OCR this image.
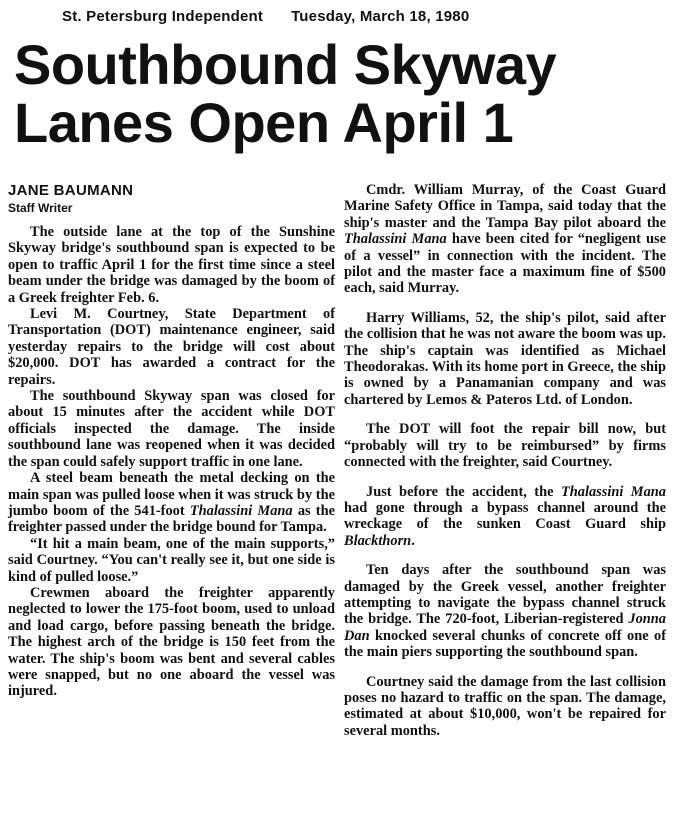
St. Petersburg Independent Tuesday, March 18, 1980
Southbound Skyway
Lanes Open April 1

JANE BAUMANN

Staff Writer

The outside lane at the top of the Sunshine Skyway bridge's southbound span is expected to be open to traffic April 1 for the first time since a steel beam under the bridge was damaged by the boom of a Greek freighter Feb. 6.

Levi M. Courtney, State Department of Transportation (DOT) maintenance engineer, said yesterday repairs to the bridge will cost about $20,000. DOT has awarded a contract for the repairs.

The southbound Skyway span was closed for about 15 minutes after the accident while DOT officials inspected the damage. The inside southbound lane was reopened when it was decided the span could safely support traffic in one lane.

A steel beam beneath the metal decking on the main span was pulled loose when it was struck by the jumbo boom of the 541-foot Thalassini Mana as the freighter passed under the bridge bound for Tampa.

“It hit a main beam, one of the main supports,” said Courtney. “You can't really see it, but one side is kind of pulled loose.”

Crewmen aboard the freighter apparently neglected to lower the 175-foot boom, used to unload and load cargo, before passing beneath the bridge. The highest arch of the bridge is 150 feet from the water. The ship's boom was bent and several cables were snapped, but no one aboard the vessel was injured.

Cmdr. William Murray, of the Coast Guard Marine Safety Office in Tampa, said today that the ship's master and the Tampa Bay pilot aboard the Thalassini Mana have been cited for “negligent use of a vessel” in connection with the incident. The pilot and the master face a maximum fine of $500 each, said Murray.

Harry Williams, 52, the ship's pilot, said after the collision that he was not aware the boom was up. The ship's captain was identified as Michael Theodorakas. With its home port in Greece, the ship is owned by a Panamanian company and was chartered by Lemos & Pateros Ltd. of London.

The DOT will foot the repair bill now, but “probably will try to be reimbursed” by firms connected with the freighter, said Courtney.

Just before the accident, the Thalassini Mana had gone through a bypass channel around the wreckage of the sunken Coast Guard ship Blackthorn.

Ten days after the southbound span was damaged by the Greek vessel, another freighter attempting to navigate the bypass channel struck the bridge. The 720-foot, Liberian-registered Jonna Dan knocked several chunks of concrete off one of the main piers supporting the southbound span.

Courtney said the damage from the last collision poses no hazard to traffic on the span. The damage, estimated at about $10,000, won't be repaired for several months.
